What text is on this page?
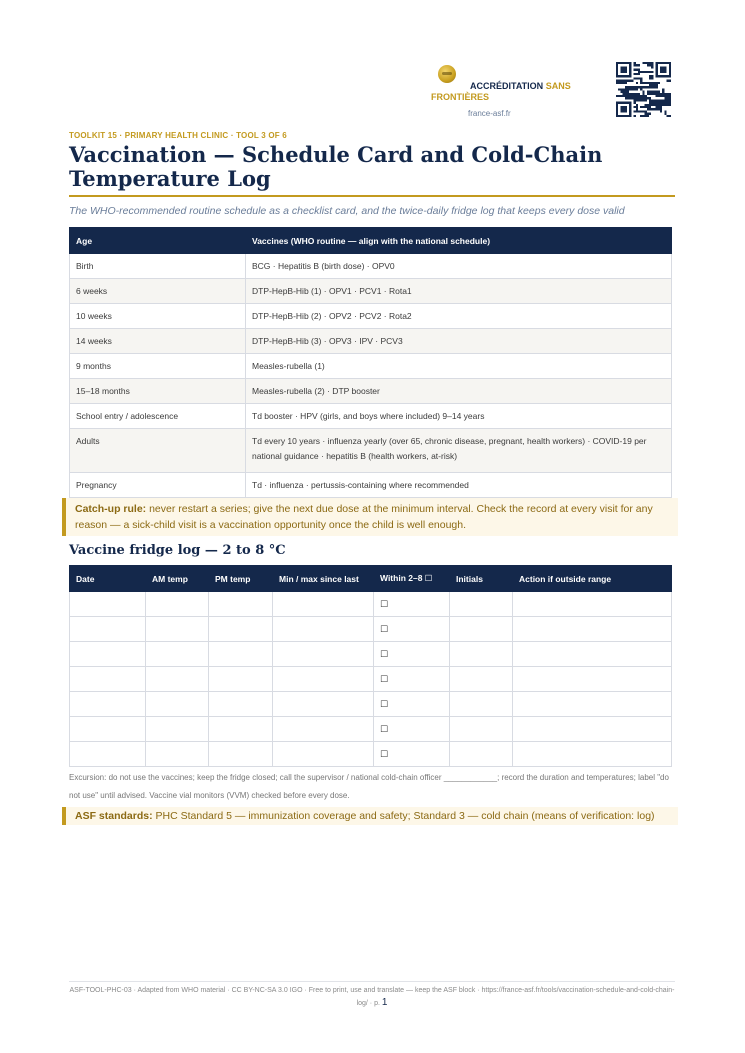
ACCRÉDITATION SANS
FRONTIÈRES
france-asf.fr
TOOLKIT 15 · PRIMARY HEALTH CLINIC · TOOL 3 OF 6
Vaccination — Schedule Card and Cold-Chain Temperature Log
The WHO-recommended routine schedule as a checklist card, and the twice-daily fridge log that keeps every dose valid
Age	Vaccines (WHO routine — align with the national schedule)
Birth	BCG · Hepatitis B (birth dose) · OPV0
6 weeks	DTP-HepB-Hib (1) · OPV1 · PCV1 · Rota1
10 weeks	DTP-HepB-Hib (2) · OPV2 · PCV2 · Rota2
14 weeks	DTP-HepB-Hib (3) · OPV3 · IPV · PCV3
9 months	Measles-rubella (1)
15–18 months	Measles-rubella (2) · DTP booster
School entry / adolescence	Td booster · HPV (girls, and boys where included) 9–14 years
Adults	Td every 10 years · influenza yearly (over 65, chronic disease, pregnant, health workers) · COVID-19 per national guidance · hepatitis B (health workers, at-risk)
Pregnancy	Td · influenza · pertussis-containing where recommended
Catch-up rule: never restart a series; give the next due dose at the minimum interval. Check the record at every visit for any reason — a sick-child visit is a vaccination opportunity once the child is well enough.
Vaccine fridge log — 2 to 8 °C
Date	AM temp	PM temp	Min / max since last	Within 2–8 ☐	Initials	Action if outside range
				☐		
				☐		
				☐		
				☐		
				☐		
				☐		
				☐		
Excursion: do not use the vaccines; keep the fridge closed; call the supervisor / national cold-chain officer ____________; record the duration and temperatures; label "do not use" until advised. Vaccine vial monitors (VVM) checked before every dose.
ASF standards: PHC Standard 5 — immunization coverage and safety; Standard 3 — cold chain (means of verification: log)
ASF-TOOL-PHC-03 · Adapted from WHO material · CC BY-NC-SA 3.0 IGO · Free to print, use and translate — keep the ASF block · https://france-asf.fr/tools/vaccination-schedule-and-cold-chain-log/ · p. 1
